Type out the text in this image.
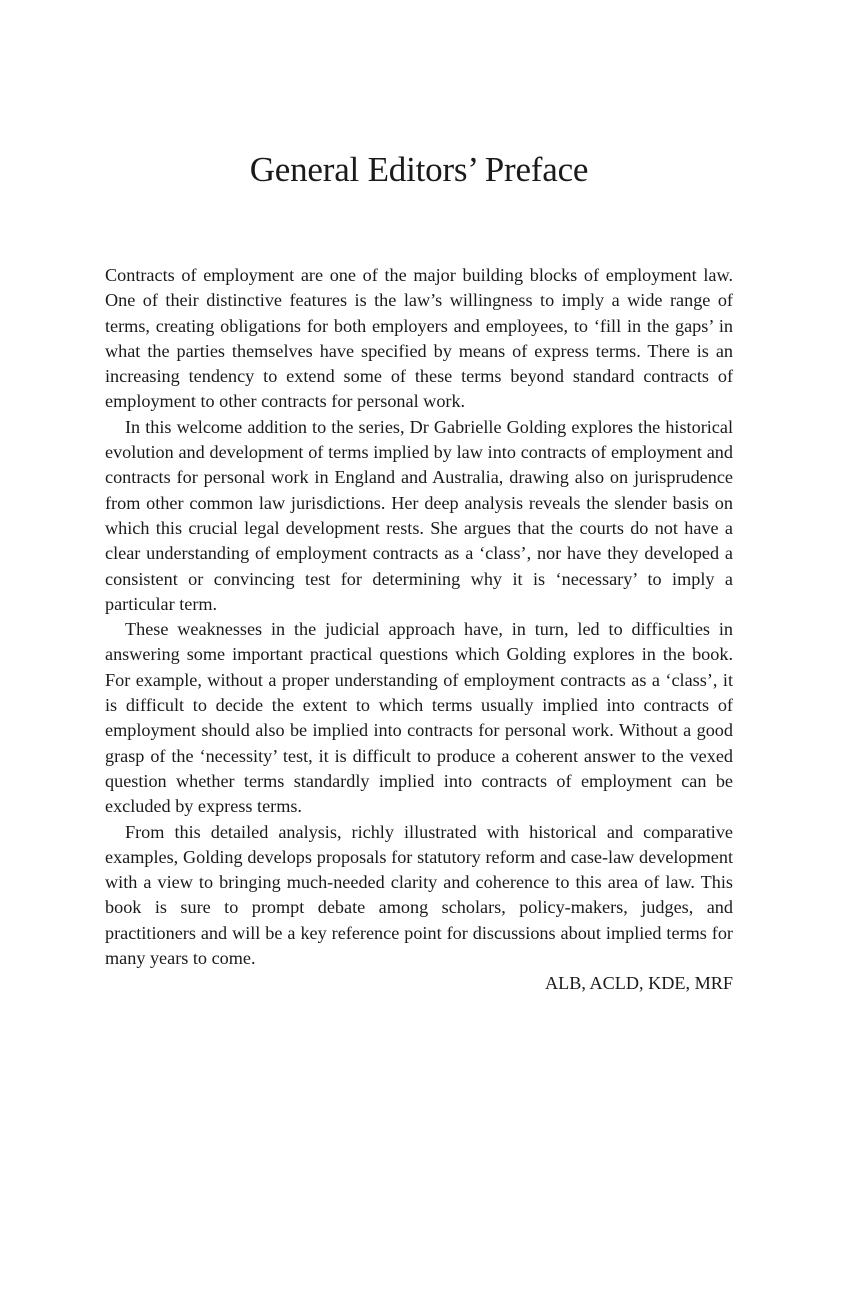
General Editors’ Preface

Contracts of employment are one of the major building blocks of employment law. One of their distinctive features is the law’s willingness to imply a wide range of terms, creating obligations for both employers and employees, to ‘fill in the gaps’ in what the parties themselves have specified by means of express terms. There is an increasing tendency to extend some of these terms beyond standard contracts of employment to other contracts for personal work.

In this welcome addition to the series, Dr Gabrielle Golding explores the historical evolution and development of terms implied by law into contracts of employment and contracts for personal work in England and Australia, drawing also on jurisprudence from other common law jurisdictions. Her deep analysis reveals the slender basis on which this crucial legal development rests. She argues that the courts do not have a clear understanding of employment contracts as a ‘class’, nor have they developed a consistent or convincing test for determining why it is ‘necessary’ to imply a particular term.

These weaknesses in the judicial approach have, in turn, led to difficulties in answering some important practical questions which Golding explores in the book. For example, without a proper understanding of employment contracts as a ‘class’, it is difficult to decide the extent to which terms usually implied into contracts of employment should also be implied into contracts for personal work. Without a good grasp of the ‘necessity’ test, it is difficult to produce a coherent answer to the vexed question whether terms standardly implied into contracts of employment can be excluded by express terms.

From this detailed analysis, richly illustrated with historical and comparative examples, Golding develops proposals for statutory reform and case-law development with a view to bringing much-needed clarity and coherence to this area of law. This book is sure to prompt debate among scholars, policy-makers, judges, and practitioners and will be a key reference point for discussions about implied terms for many years to come.

ALB, ACLD, KDE, MRF
